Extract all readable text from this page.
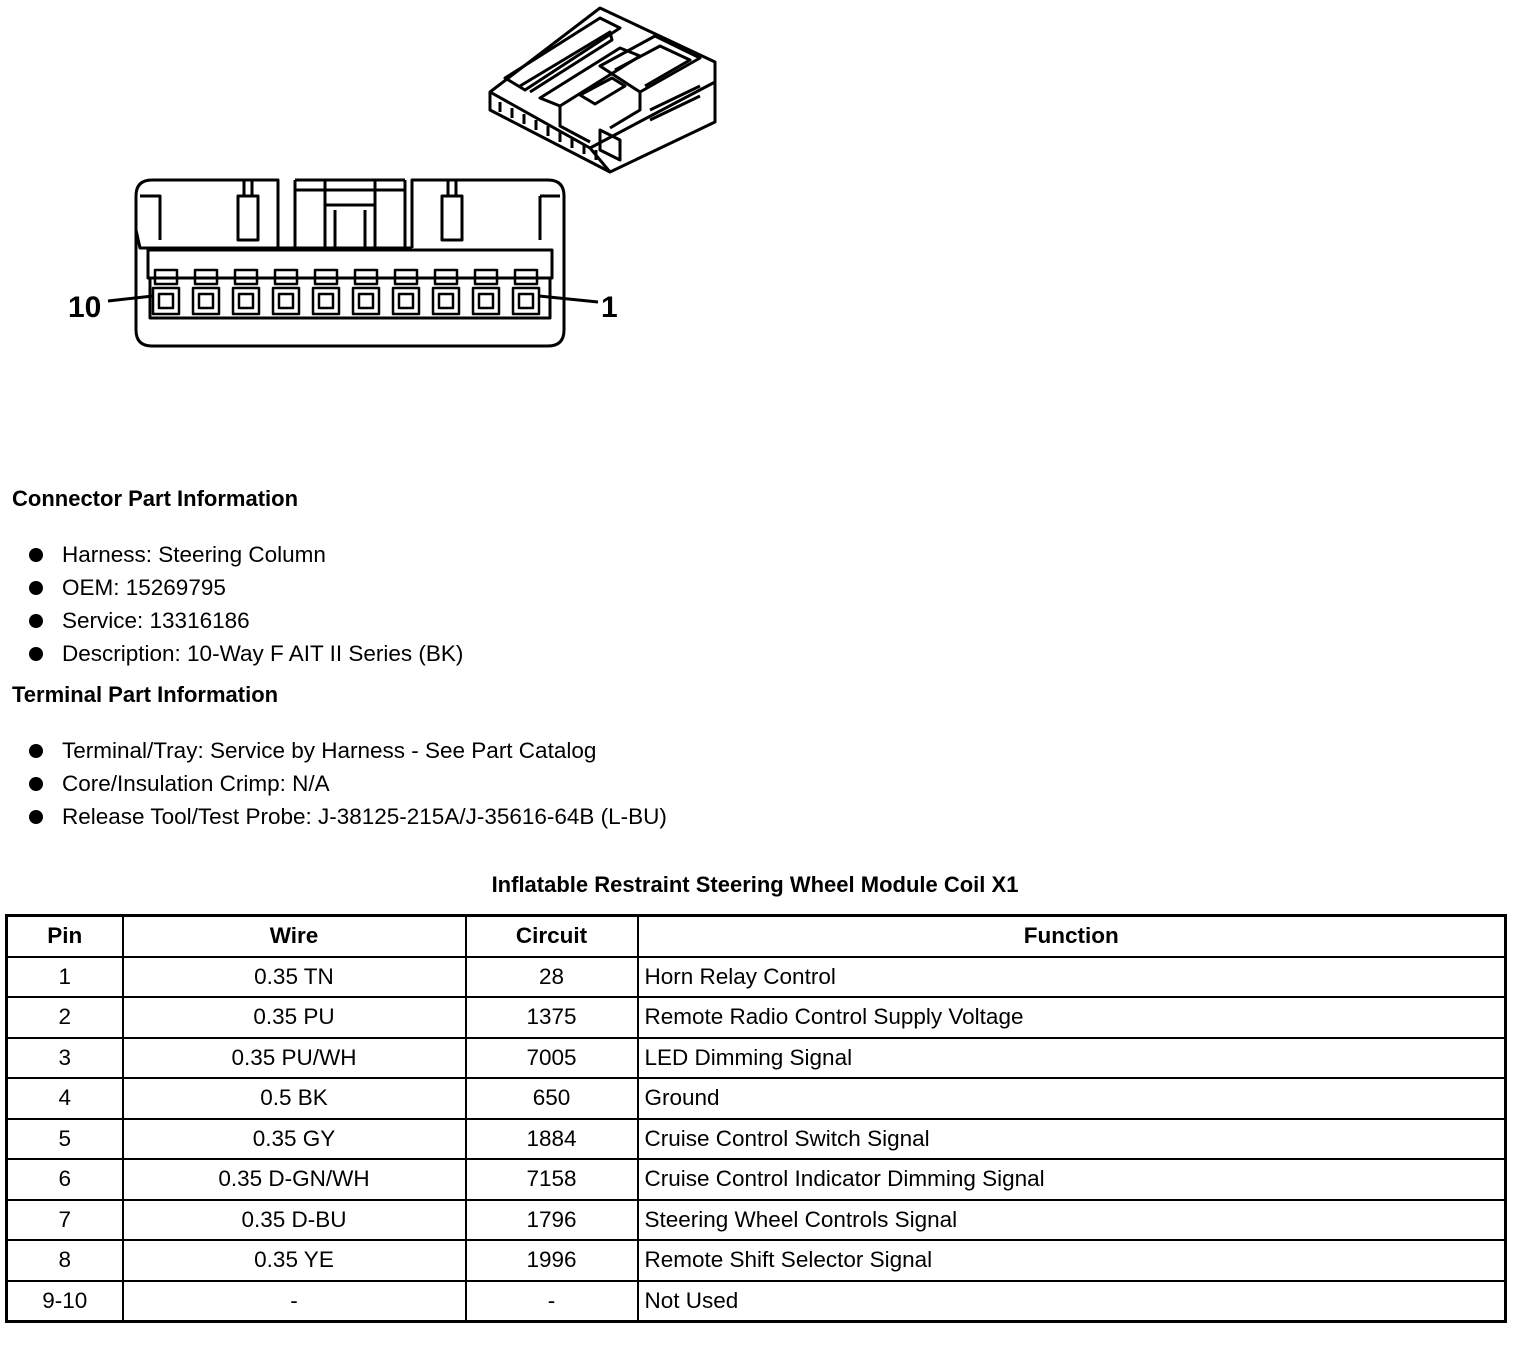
10	1
Connector Part Information
Harness: Steering Column
OEM: 15269795
Service: 13316186
Description: 10-Way F AIT II Series (BK)
Terminal Part Information
Terminal/Tray: Service by Harness - See Part Catalog
Core/Insulation Crimp: N/A
Release Tool/Test Probe: J-38125-215A/J-35616-64B (L-BU)
Inflatable Restraint Steering Wheel Module Coil X1
Pin	Wire	Circuit	Function
1	0.35 TN	28	Horn Relay Control
2	0.35 PU	1375	Remote Radio Control Supply Voltage
3	0.35 PU/WH	7005	LED Dimming Signal
4	0.5 BK	650	Ground
5	0.35 GY	1884	Cruise Control Switch Signal
6	0.35 D-GN/WH	7158	Cruise Control Indicator Dimming Signal
7	0.35 D-BU	1796	Steering Wheel Controls Signal
8	0.35 YE	1996	Remote Shift Selector Signal
9-10	-	-	Not Used
